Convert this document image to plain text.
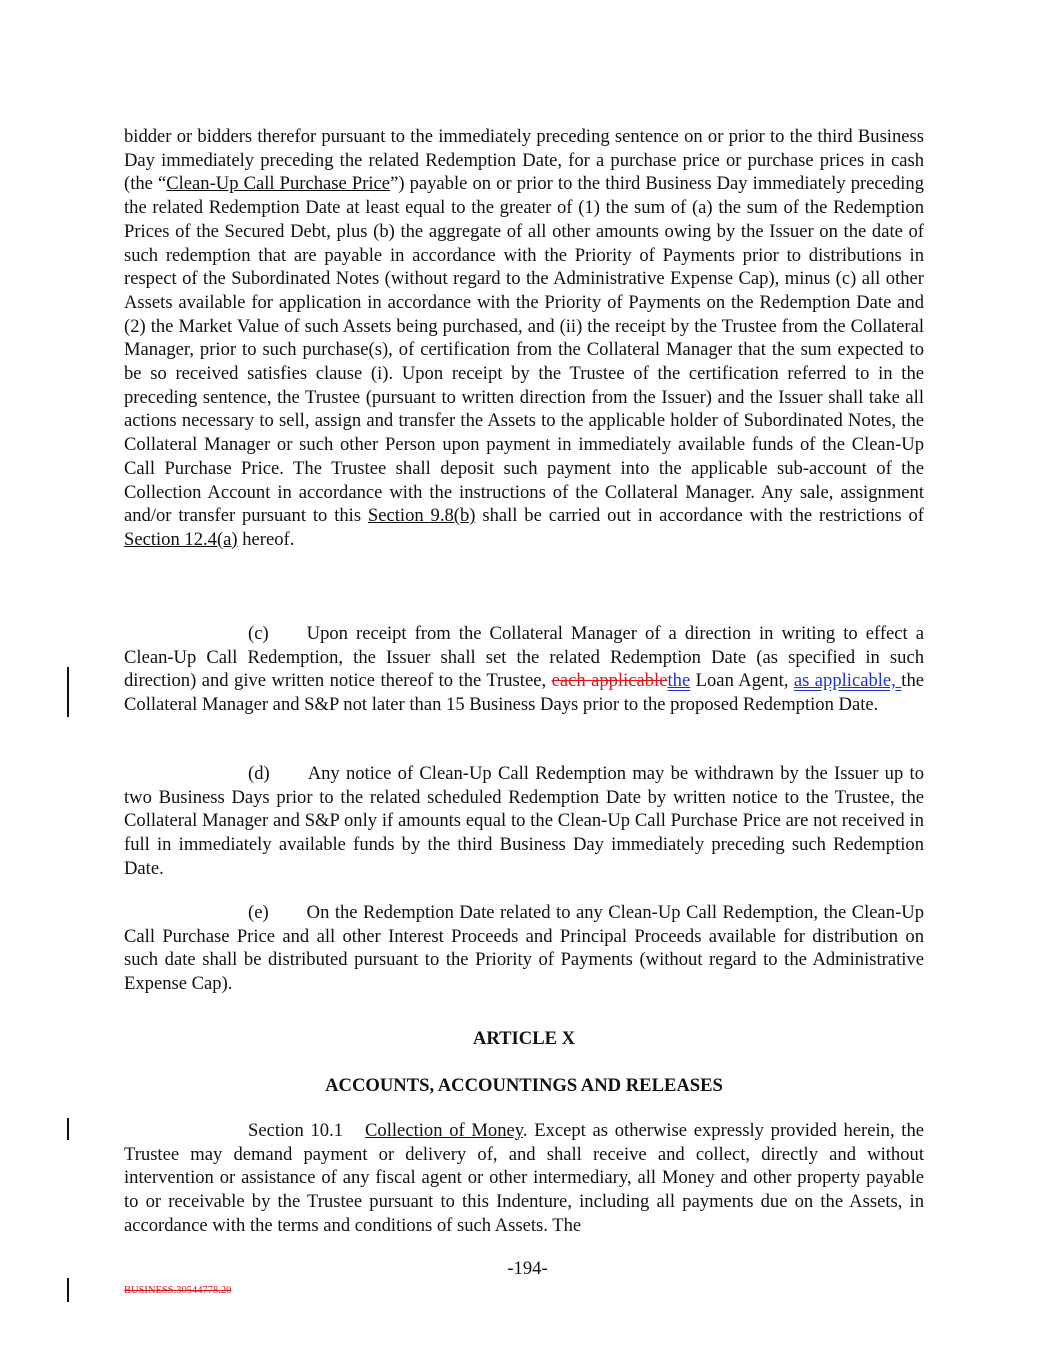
bidder or bidders therefor pursuant to the immediately preceding sentence on or prior to the third Business Day immediately preceding the related Redemption Date, for a purchase price or purchase prices in cash (the “Clean-Up Call Purchase Price”) payable on or prior to the third Business Day immediately preceding the related Redemption Date at least equal to the greater of (1) the sum of (a) the sum of the Redemption Prices of the Secured Debt, plus (b) the aggregate of all other amounts owing by the Issuer on the date of such redemption that are payable in accordance with the Priority of Payments prior to distributions in respect of the Subordinated Notes (without regard to the Administrative Expense Cap), minus (c) all other Assets available for application in accordance with the Priority of Payments on the Redemption Date and (2) the Market Value of such Assets being purchased, and (ii) the receipt by the Trustee from the Collateral Manager, prior to such purchase(s), of certification from the Collateral Manager that the sum expected to be so received satisfies clause (i). Upon receipt by the Trustee of the certification referred to in the preceding sentence, the Trustee (pursuant to written direction from the Issuer) and the Issuer shall take all actions necessary to sell, assign and transfer the Assets to the applicable holder of Subordinated Notes, the Collateral Manager or such other Person upon payment in immediately available funds of the Clean-Up Call Purchase Price. The Trustee shall deposit such payment into the applicable sub-account of the Collection Account in accordance with the instructions of the Collateral Manager. Any sale, assignment and/or transfer pursuant to this Section 9.8(b) shall be carried out in accordance with the restrictions of Section 12.4(a) hereof.
(c) Upon receipt from the Collateral Manager of a direction in writing to effect a Clean-Up Call Redemption, the Issuer shall set the related Redemption Date (as specified in such direction) and give written notice thereof to the Trustee, each applicablethe Loan Agent, as applicable, the Collateral Manager and S&P not later than 15 Business Days prior to the proposed Redemption Date.
(d) Any notice of Clean-Up Call Redemption may be withdrawn by the Issuer up to two Business Days prior to the related scheduled Redemption Date by written notice to the Trustee, the Collateral Manager and S&P only if amounts equal to the Clean-Up Call Purchase Price are not received in full in immediately available funds by the third Business Day immediately preceding such Redemption Date.
(e) On the Redemption Date related to any Clean-Up Call Redemption, the Clean-Up Call Purchase Price and all other Interest Proceeds and Principal Proceeds available for distribution on such date shall be distributed pursuant to the Priority of Payments (without regard to the Administrative Expense Cap).
ARTICLE X
ACCOUNTS, ACCOUNTINGS AND RELEASES
Section 10.1 Collection of Money. Except as otherwise expressly provided herein, the Trustee may demand payment or delivery of, and shall receive and collect, directly and without intervention or assistance of any fiscal agent or other intermediary, all Money and other property payable to or receivable by the Trustee pursuant to this Indenture, including all payments due on the Assets, in accordance with the terms and conditions of such Assets. The
-194-
BUSINESS.30544778.20
